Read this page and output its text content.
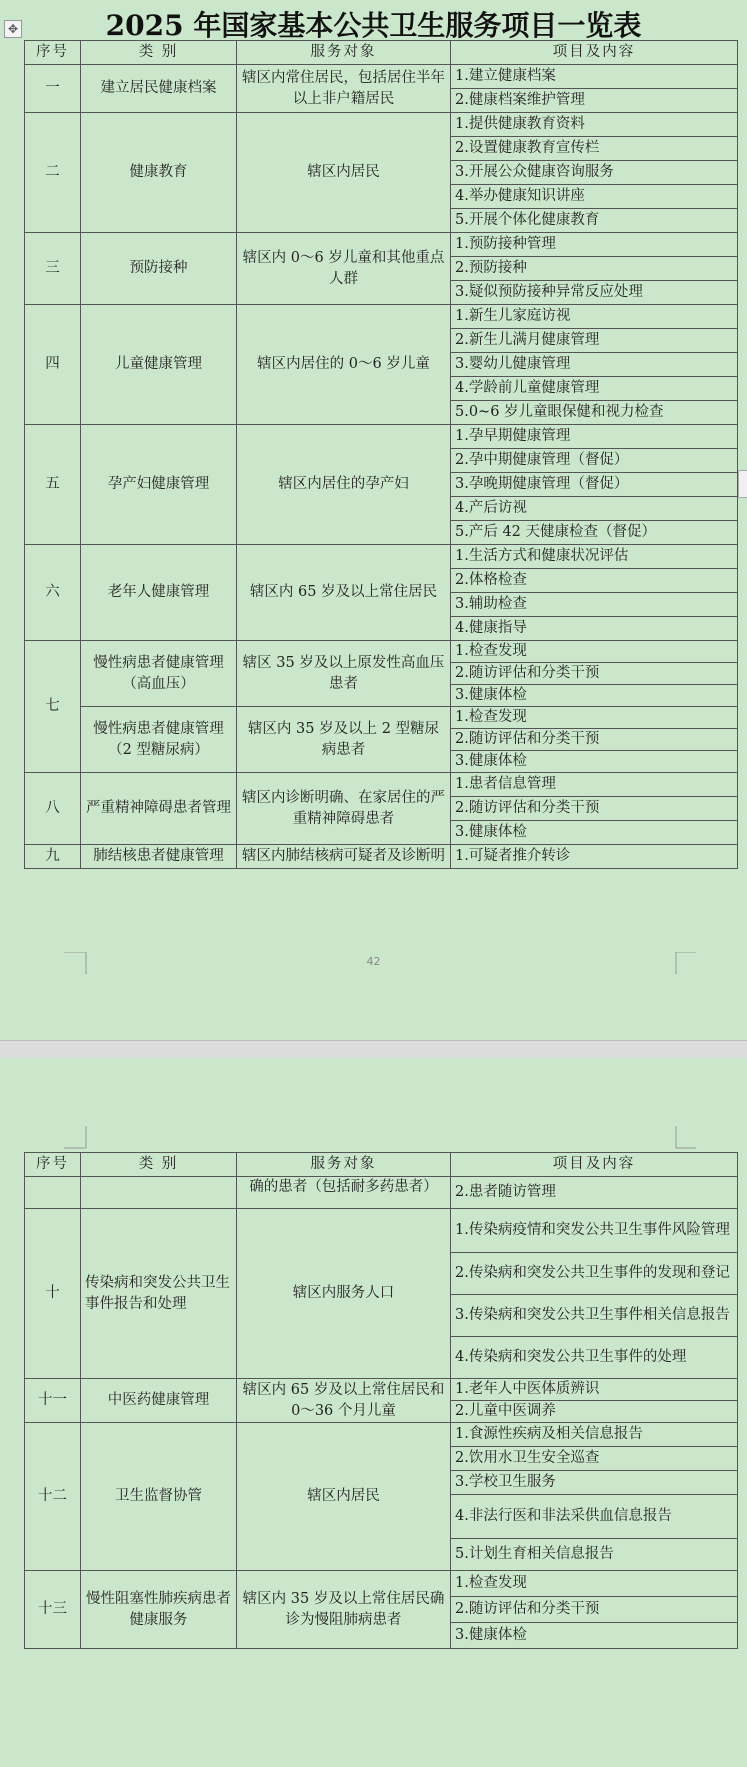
✥	2025 年国家基本公共卫生服务项目一览表
序号	类 别	服务对象	项目及内容
一	建立居民健康档案	辖区内常住居民，包括居住半年以上非户籍居民	1.建立健康档案
			2.健康档案维护管理
二	健康教育	辖区内居民	1.提供健康教育资料
			2.设置健康教育宣传栏
			3.开展公众健康咨询服务
			4.举办健康知识讲座
			5.开展个体化健康教育
三	预防接种	辖区内 0～6 岁儿童和其他重点人群	1.预防接种管理
			2.预防接种
			3.疑似预防接种异常反应处理
四	儿童健康管理	辖区内居住的 0～6 岁儿童	1.新生儿家庭访视
			2.新生儿满月健康管理
			3.婴幼儿健康管理
			4.学龄前儿童健康管理
			5.0~6 岁儿童眼保健和视力检查
五	孕产妇健康管理	辖区内居住的孕产妇	1.孕早期健康管理
			2.孕中期健康管理（督促）
			3.孕晚期健康管理（督促）
			4.产后访视
			5.产后 42 天健康检查（督促）
六	老年人健康管理	辖区内 65 岁及以上常住居民	1.生活方式和健康状况评估
			2.体格检查
			3.辅助检查
			4.健康指导
七	慢性病患者健康管理（高血压）	辖区 35 岁及以上原发性高血压患者	1.检查发现
			2.随访评估和分类干预
			3.健康体检
	慢性病患者健康管理（2 型糖尿病）	辖区内 35 岁及以上 2 型糖尿病患者	1.检查发现
			2.随访评估和分类干预
			3.健康体检
八	严重精神障碍患者管理	辖区内诊断明确、在家居住的严重精神障碍患者	1.患者信息管理
			2.随访评估和分类干预
			3.健康体检
九	肺结核患者健康管理	辖区内肺结核病可疑者及诊断明	1.可疑者推介转诊
42
序号	类 别	服务对象	项目及内容
		确的患者（包括耐多药患者）	2.患者随访管理
十	传染病和突发公共卫生事件报告和处理	辖区内服务人口	1.传染病疫情和突发公共卫生事件风险管理
			2.传染病和突发公共卫生事件的发现和登记
			3.传染病和突发公共卫生事件相关信息报告
			4.传染病和突发公共卫生事件的处理
十一	中医药健康管理	辖区内 65 岁及以上常住居民和 0～36 个月儿童	1.老年人中医体质辨识
			2.儿童中医调养
十二	卫生监督协管	辖区内居民	1.食源性疾病及相关信息报告
			2.饮用水卫生安全巡查
			3.学校卫生服务
			4.非法行医和非法采供血信息报告
			5.计划生育相关信息报告
十三	慢性阻塞性肺疾病患者健康服务	辖区内 35 岁及以上常住居民确诊为慢阻肺病患者	1.检查发现
			2.随访评估和分类干预
			3.健康体检
